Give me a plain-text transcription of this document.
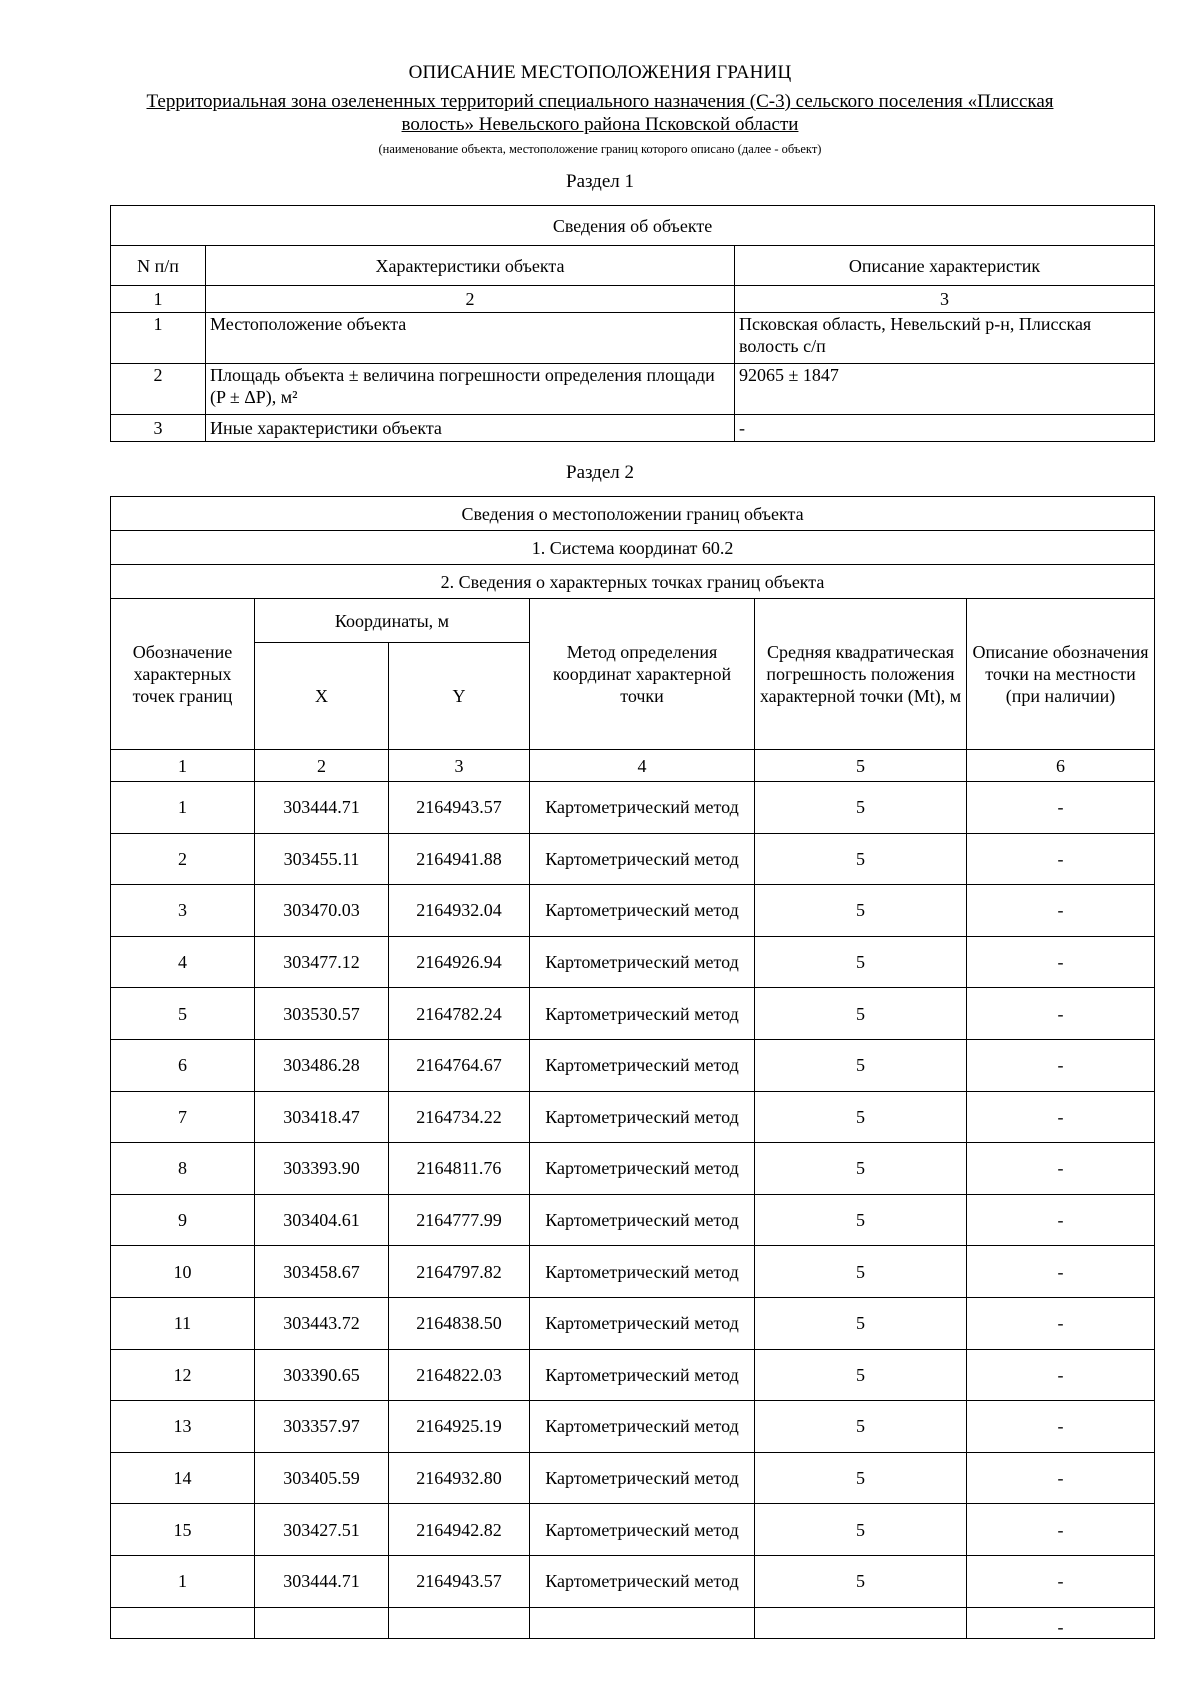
ОПИСАНИЕ МЕСТОПОЛОЖЕНИЯ ГРАНИЦ
Территориальная зона озелененных территорий специального назначения (С-3) сельского поселения «Плисская волость» Невельского района Псковской области
(наименование объекта, местоположение границ которого описано (далее - объект)
Раздел 1
Сведения об объекте		
N п/п	Характеристики объекта	Описание характеристик
1	2	3
1	Местоположение объекта	Псковская область, Невельский р-н, Плисская волость с/п
2	Площадь объекта ± величина погрешности определения площади (P ± ΔP), м²	92065 ± 1847
3	Иные характеристики объекта	-
Раздел 2
Сведения о местоположении границ объекта					
1. Система координат 60.2					
2. Сведения о характерных точках границ объекта					
Обозначение характерных точек границ	Координаты, м		Метод определения координат характерной точки	Средняя квадратическая погрешность положения характерной точки (Mt), м	Описание обозначения точки на местности (при наличии)
	X	Y			
1	2	3	4	5	6
1	303444.71	2164943.57	Картометрический метод	5	-
2	303455.11	2164941.88	Картометрический метод	5	-
3	303470.03	2164932.04	Картометрический метод	5	-
4	303477.12	2164926.94	Картометрический метод	5	-
5	303530.57	2164782.24	Картометрический метод	5	-
6	303486.28	2164764.67	Картометрический метод	5	-
7	303418.47	2164734.22	Картометрический метод	5	-
8	303393.90	2164811.76	Картометрический метод	5	-
9	303404.61	2164777.99	Картометрический метод	5	-
10	303458.67	2164797.82	Картометрический метод	5	-
11	303443.72	2164838.50	Картометрический метод	5	-
12	303390.65	2164822.03	Картометрический метод	5	-
13	303357.97	2164925.19	Картометрический метод	5	-
14	303405.59	2164932.80	Картометрический метод	5	-
15	303427.51	2164942.82	Картометрический метод	5	-
1	303444.71	2164943.57	Картометрический метод	5	-
					-
